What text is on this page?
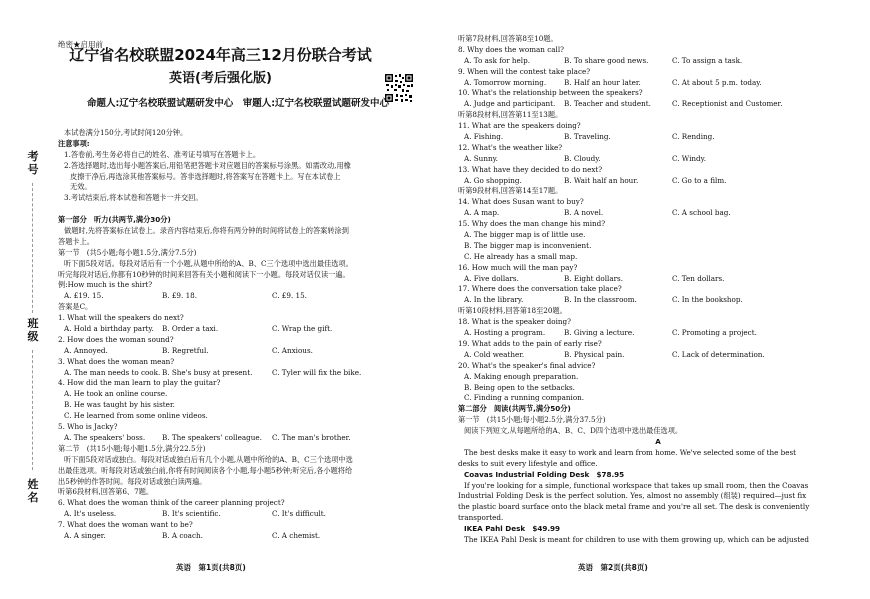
考号
班级
姓名
绝密★启用前
辽宁省名校联盟2024年高三12月份联合考试
英语(考后强化版)
命题人:辽宁名校联盟试题研发中心　审题人:辽宁名校联盟试题研发中心
本试卷满分150分,考试时间120分钟。
注意事项:
1.答卷前,考生务必将自己的姓名、准考证号填写在答题卡上。
2.答选择题时,选出每小题答案后,用铅笔把答题卡对应题目的答案标号涂黑。如需改动,用橡
皮擦干净后,再选涂其他答案标号。答非选择题时,将答案写在答题卡上。写在本试卷上
无效。
3.考试结束后,将本试卷和答题卡一并交回。
第一部分　听力(共两节,满分30分)
做题时,先将答案标在试卷上。录音内容结束后,你将有两分钟的时间将试卷上的答案转涂到
答题卡上。
第一节　(共5小题;每小题1.5分,满分7.5分)
听下面5段对话。每段对话后有一个小题,从题中所给的A、B、C三个选项中选出最佳选项。
听完每段对话后,你都有10秒钟的时间来回答有关小题和阅读下一小题。每段对话仅读一遍。
例:How much is the shirt?
A. £19. 15.	B. £9. 18.	C. £9. 15.
答案是C。
1. What will the speakers do next?
A. Hold a birthday party.	B. Order a taxi.	C. Wrap the gift.
2. How does the woman sound?
A. Annoyed.	B. Regretful.	C. Anxious.
3. What does the woman mean?
A. The man needs to cook. B. She's busy at present.	C. Tyler will fix the bike.
4. How did the man learn to play the guitar?
A. He took an online course.
B. He was taught by his sister.
C. He learned from some online videos.
5. Who is Jacky?
A. The speakers' boss.	B. The speakers' colleague.	C. The man's brother.
第二节　(共15小题;每小题1.5分,满分22.5分)
听下面5段对话或独白。每段对话或独白后有几个小题,从题中所给的A、B、C三个选项中选
出最佳选项。听每段对话或独白前,你将有时间阅读各个小题,每小题5秒钟;听完后,各小题将给
出5秒钟的作答时间。每段对话或独白读两遍。
听第6段材料,回答第6、7题。
6. What does the woman think of the career planning project?
A. It's useless.	B. It's scientific.	C. It's difficult.
7. What does the woman want to be?
A. A singer.	B. A coach.	C. A chemist.
英语　第1页(共8页)
听第7段材料,回答第8至10题。
8. Why does the woman call?
A. To ask for help.	B. To share good news.	C. To assign a task.
9. When will the contest take place?
A. Tomorrow morning.	B. Half an hour later.	C. At about 5 p.m. today.
10. What's the relationship between the speakers?
A. Judge and participant.	B. Teacher and student.	C. Receptionist and Customer.
听第8段材料,回答第11至13题。
11. What are the speakers doing?
A. Fishing.	B. Traveling.	C. Rending.
12. What's the weather like?
A. Sunny.	B. Cloudy.	C. Windy.
13. What have they decided to do next?
A. Go shopping.	B. Wait half an hour.	C. Go to a film.
听第9段材料,回答第14至17题。
14. What does Susan want to buy?
A. A map.	B. A novel.	C. A school bag.
15. Why does the man change his mind?
A. The bigger map is of little use.
B. The bigger map is inconvenient.
C. He already has a small map.
16. How much will the man pay?
A. Five dollars.	B. Eight dollars.	C. Ten dollars.
17. Where does the conversation take place?
A. In the library.	B. In the classroom.	C. In the bookshop.
听第10段材料,回答第18至20题。
18. What is the speaker doing?
A. Hosting a program.	B. Giving a lecture.	C. Promoting a project.
19. What adds to the pain of early rise?
A. Cold weather.	B. Physical pain.	C. Lack of determination.
20. What's the speaker's final advice?
A. Making enough preparation.
B. Being open to the setbacks.
C. Finding a running companion.
第二部分　阅读(共两节,满分50分)
第一节　(共15小题;每小题2.5分,满分37.5分)
阅读下列短文,从每题所给的A、B、C、D四个选项中选出最佳选项。
A
The best desks make it easy to work and learn from home. We've selected some of the best
desks to suit every lifestyle and office.
Coavas Industrial Folding Desk　$78.95
If you're looking for a simple, functional workspace that takes up small room, then the Coavas
Industrial Folding Desk is the perfect solution. Yes, almost no assembly (组装) required—just fix
the plastic board surface onto the black metal frame and you're all set. The desk is conveniently
transported.
IKEA Pahl Desk　$49.99
The IKEA Pahl Desk is meant for children to use with them growing up, which can be adjusted
英语　第2页(共8页)
